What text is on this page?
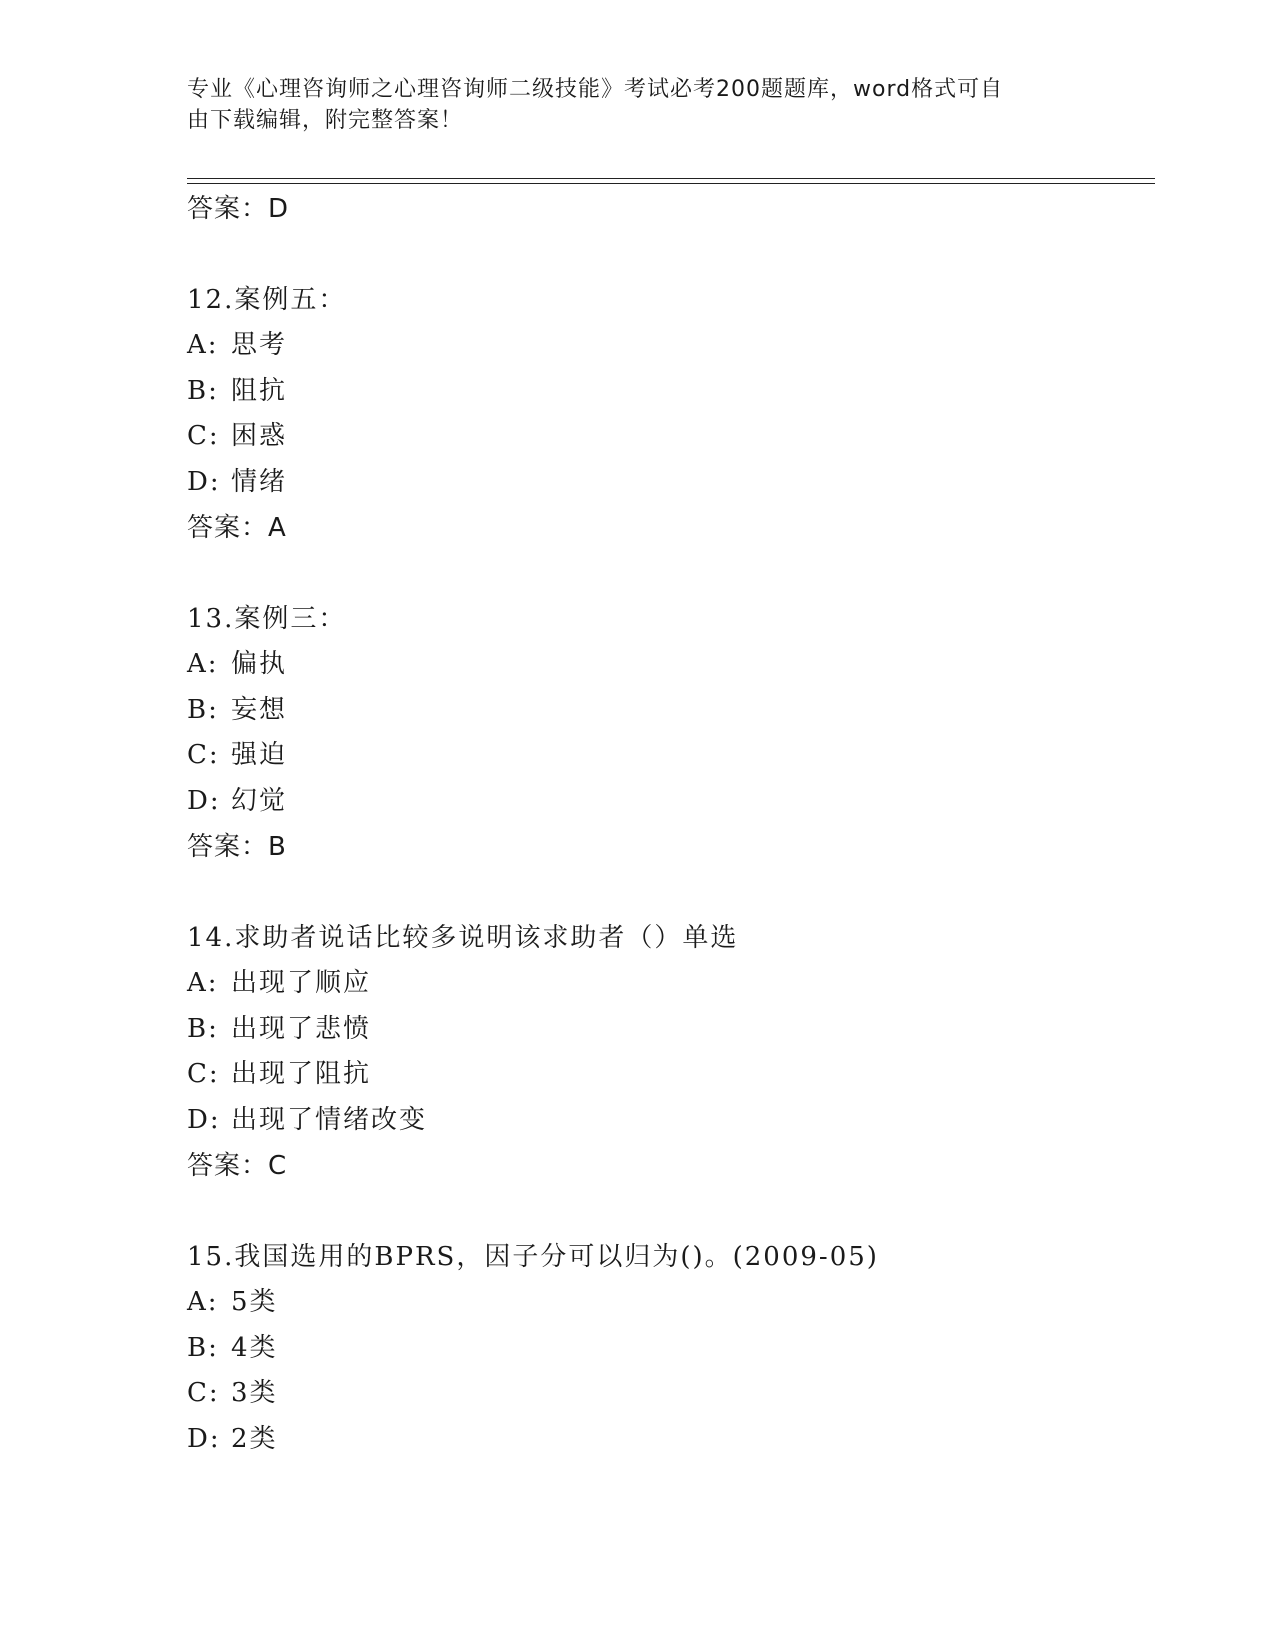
专业《心理咨询师之心理咨询师二级技能》考试必考200题题库，word格式可自
由下载编辑，附完整答案！
答案：D
12.案例五：
A: 思考
B: 阻抗
C: 困惑
D: 情绪
答案：A
13.案例三：
A: 偏执
B: 妄想
C: 强迫
D: 幻觉
答案：B
14.求助者说话比较多说明该求助者（）单选
A: 出现了顺应
B: 出现了悲愤
C: 出现了阻抗
D: 出现了情绪改变
答案：C
15.我国选用的BPRS，因子分可以归为()。(2009-05)
A: 5类
B: 4类
C: 3类
D: 2类
